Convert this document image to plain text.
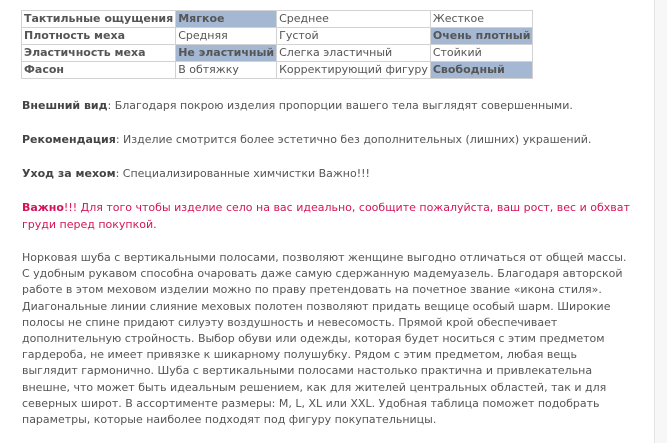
Тактильные ощущения	Мягкое	Среднее	Жесткое
Плотность меха	Средняя	Густой	Очень плотный
Эластичность меха	Не эластичный	Слегка эластичный	Стойкий
Фасон	В обтяжку	Корректирующий фигуру	Свободный

Внешний вид: Благодаря покрою изделия пропорции вашего тела выглядят совершенными.

Рекомендация: Изделие смотрится более эстетично без дополнительных (лишних) украшений.

Уход за мехом: Специализированные химчистки Важно!!!

Важно!!! Для того чтобы изделие село на вас идеально, сообщите пожалуйста, ваш рост, вес и обхват груди перед покупкой.

Норковая шуба с вертикальными полосами, позволяют женщине выгодно отличаться от общей массы. С удобным рукавом способна очаровать даже самую сдержанную мадемуазель. Благодаря авторской работе в этом меховом изделии можно по праву претендовать на почетное звание «икона стиля». Диагональные линии слияние меховых полотен позволяют придать вещице особый шарм. Широкие полосы не спине придают силуэту воздушность и невесомость. Прямой крой обеспечивает дополнительную стройность. Выбор обуви или одежды, которая будет носиться с этим предметом гардероба, не имеет привязке к шикарному полушубку. Рядом с этим предметом, любая вещь выглядит гармонично. Шуба с вертикальными полосами настолько практична и привлекательна внешне, что может быть идеальным решением, как для жителей центральных областей, так и для северных широт. В ассортименте размеры: M, L, XL или XXL. Удобная таблица поможет подобрать параметры, которые наиболее подходят под фигуру покупательницы.
